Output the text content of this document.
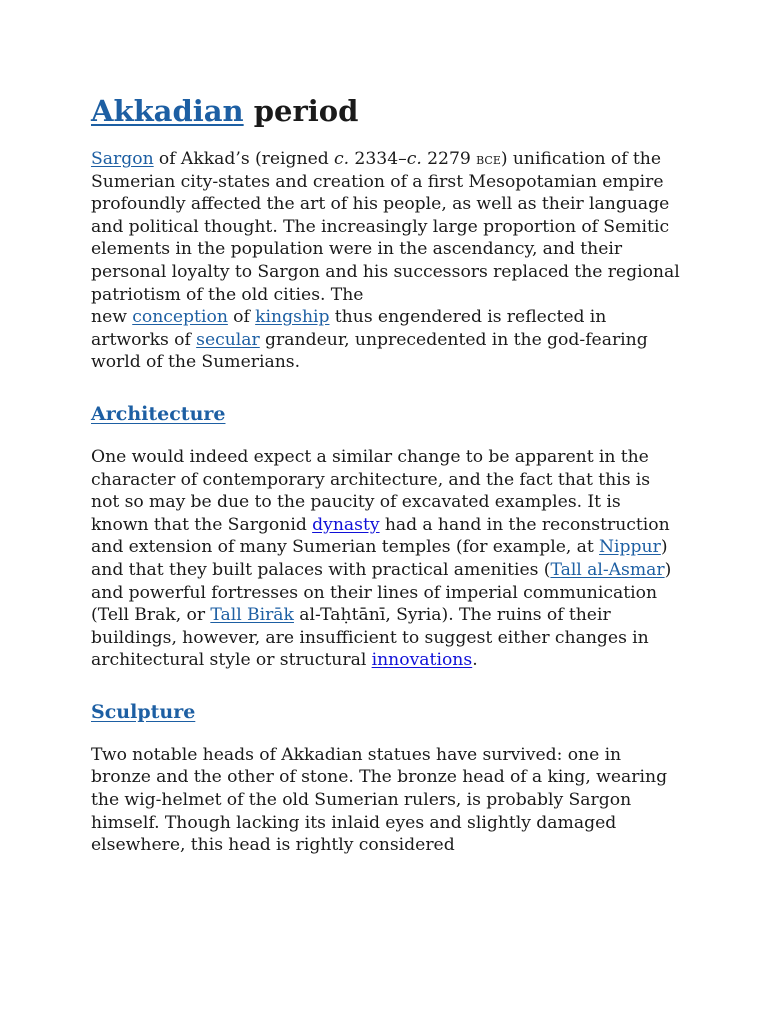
Akkadian period

Sargon of Akkad’s (reigned c. 2334–c. 2279 bce) unification of the Sumerian city-states and creation of a first Mesopotamian empire profoundly affected the art of his people, as well as their language and political thought. The increasingly large proportion of Semitic elements in the population were in the ascendancy, and their personal loyalty to Sargon and his successors replaced the regional patriotism of the old cities. The
new conception of kingship thus engendered is reflected in artworks of secular grandeur, unprecedented in the god-fearing world of the Sumerians.

Architecture

One would indeed expect a similar change to be apparent in the character of contemporary architecture, and the fact that this is not so may be due to the paucity of excavated examples. It is known that the Sargonid dynasty had a hand in the reconstruction and extension of many Sumerian temples (for example, at Nippur) and that they built palaces with practical amenities (Tall al-Asmar) and powerful fortresses on their lines of imperial communication (Tell Brak, or Tall Birāk al-Taḥtānī, Syria). The ruins of their buildings, however, are insufficient to suggest either changes in architectural style or structural innovations.

Sculpture

Two notable heads of Akkadian statues have survived: one in bronze and the other of stone. The bronze head of a king, wearing the wig-helmet of the old Sumerian rulers, is probably Sargon himself. Though lacking its inlaid eyes and slightly damaged elsewhere, this head is rightly considered
